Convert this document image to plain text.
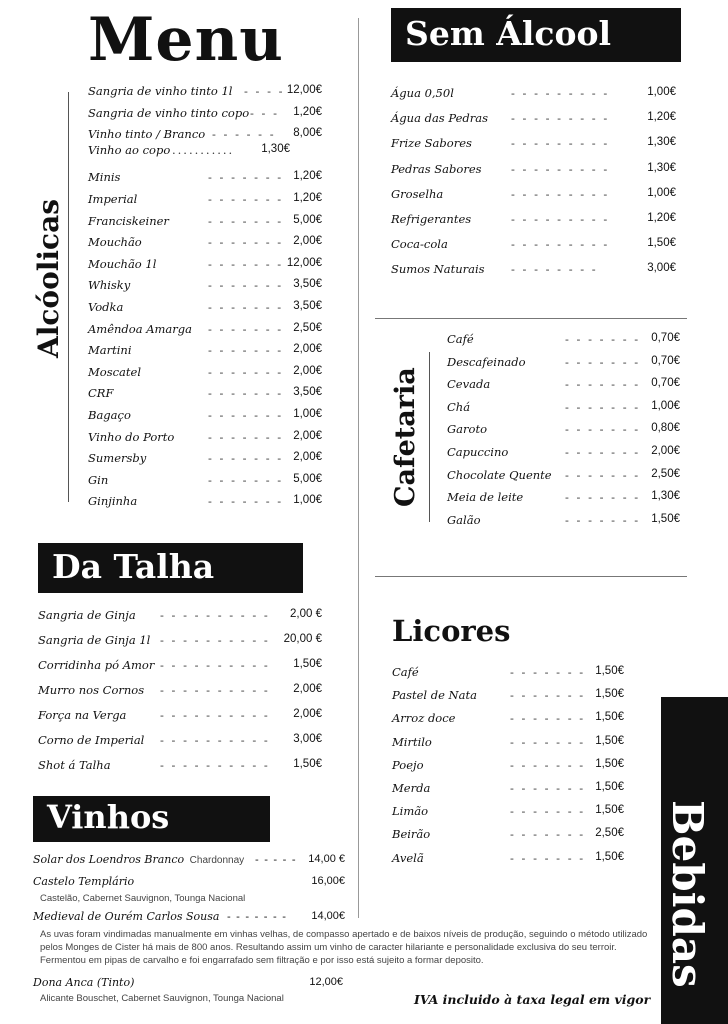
Menu
Alcóolicas
Sangria de vinho tinto 1l - - - - 12,00€
Sangria de vinho tinto copo - - - 1,20€
Vinho tinto / Branco - - - - - - 8,00€
Vinho ao copo ........... 1,30€
Minis	- - - - - - - 1,20€
Imperial	- - - - - - - 1,20€
Franciskeiner	- - - - - - - 5,00€
Mouchão	- - - - - - - 2,00€
Mouchão 1l	- - - - - - - 12,00€
Whisky	- - - - - - - 3,50€
Vodka	- - - - - - - 3,50€
Amêndoa Amarga - - - - - - - 2,50€
Martini	- - - - - - - 2,00€
Moscatel	- - - - - - - 2,00€
CRF	- - - - - - - 3,50€
Bagaço	- - - - - - - 1,00€
Vinho do Porto	- - - - - - - 2,00€
Sumersby	- - - - - - - 2,00€
Gin	- - - - - - - 5,00€
Ginjinha	- - - - - - - 1,00€
Sem Álcool
Água 0,50l	- - - - - - - - -	1,00€
Água das Pedras - - - - - - - - -	1,20€
Frize Sabores	- - - - - - - - -	1,30€
Pedras Sabores	- - - - - - - - -	1,30€
Groselha	- - - - - - - - -	1,00€
Refrigerantes	- - - - - - - - -	1,20€
Coca-cola	- - - - - - - - -	1,50€
Sumos Naturais - - - - - - - -	3,00€
Cafetaria
Café	- - - - - - - 0,70€
Descafeinado	- - - - - - - 0,70€
Cevada	- - - - - - - 0,70€
Chá	- - - - - - - 1,00€
Garoto	- - - - - - - 0,80€
Capuccino	- - - - - - - 2,00€
Chocolate Quente - - - - - - - 2,50€
Meia de leite	- - - - - - - 1,30€
Galão	- - - - - - - 1,50€
Da Talha
Sangria de Ginja - - - - - - - - - - 2,00 €
Sangria de Ginja 1l - - - - - - - - - - 20,00 €
Corridinha pó Amor - - - - - - - - - - 1,50€
Murro nos Cornos - - - - - - - - - - 2,00€
Força na Verga	- - - - - - - - - - 2,00€
Corno de Imperial - - - - - - - - - - 3,00€
Shot á Talha	- - - - - - - - - - 1,50€
Licores
Café	- - - - - - - 1,50€
Pastel de Nata	- - - - - - - 1,50€
Arroz doce	- - - - - - - 1,50€
Mirtilo	- - - - - - - 1,50€
Poejo	- - - - - - - 1,50€
Merda	- - - - - - - 1,50€
Limão	- - - - - - - 1,50€
Beirão	- - - - - - - 2,50€
Avelã	- - - - - - - 1,50€ Bebidas
Vinhos
Solar dos Loendros Branco Chardonnay - - - - - 14,00 €
Castelo Templário	16,00€
Castelão, Cabernet Sauvignon, Tounga Nacional
Medieval de Ourém Carlos Sousa - - - - - - - 14,00€
As uvas foram vindimadas manualmente em vinhas velhas, de compasso apertado e de baixos níveis de produção, seguindo o método utilizado pelos Monges de Cister há mais de 800 anos. Resultando assim um vinho de caracter hilariante e personalidade exclusiva do seu terroir. Fermentou em pipas de carvalho e foi engarrafado sem filtração e por isso está sujeito a formar deposito.
Dona Anca (Tinto)	12,00€
Alicante Bouschet, Cabernet Sauvignon, Tounga Nacional	IVA incluido à taxa legal em vigor
